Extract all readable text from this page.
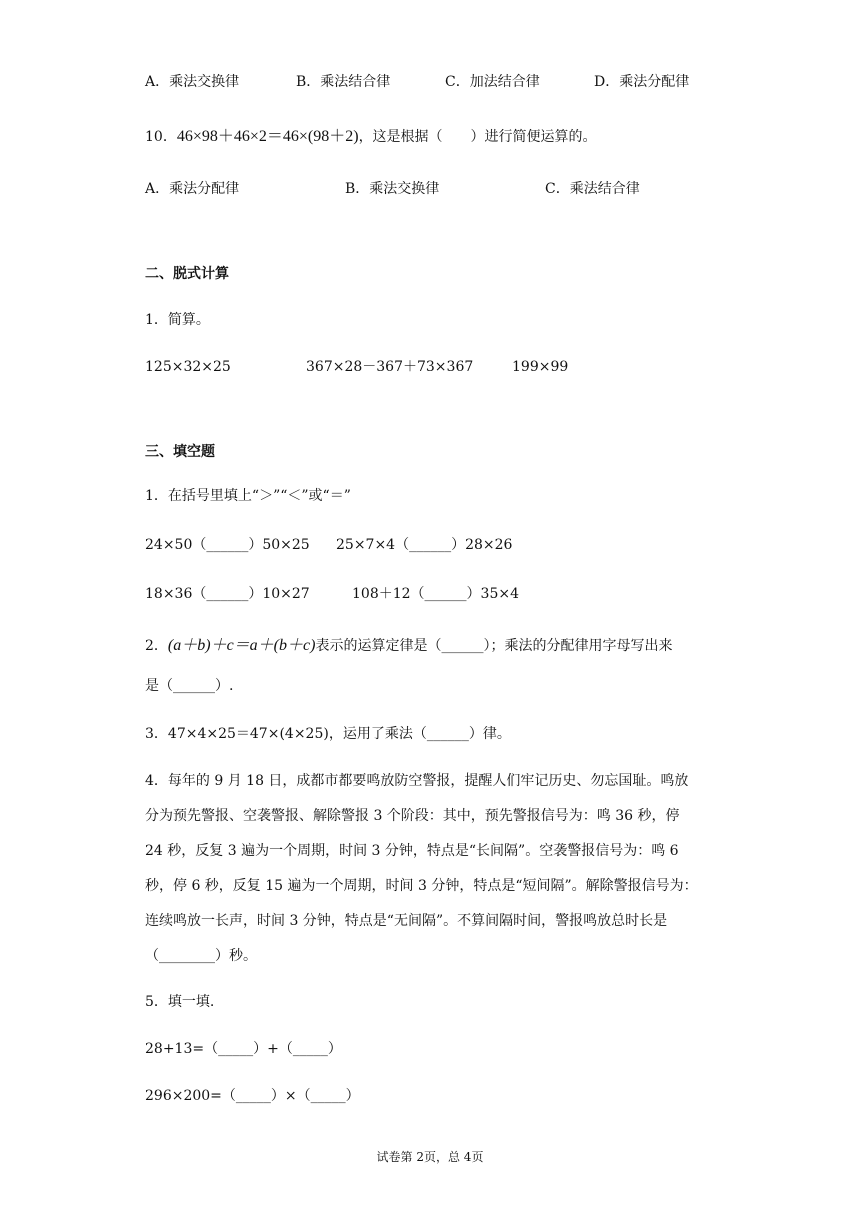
A．乘法交换律	B．乘法结合律	C．加法结合律	D．乘法分配律
10．46×98＋46×2＝46×(98＋2)，这是根据（　　）进行简便运算的。
A．乘法分配律	B．乘法交换律	C．乘法结合律
二、脱式计算
1．简算。
125×32×25	367×28－367＋73×367	199×99
三、填空题
1．在括号里填上“＞”“＜”或“＝”
24×50（______）50×25 25×7×4（______）28×26
18×36（______）10×27	108＋12（______）35×4
2．(a＋b)＋c＝a＋(b＋c)表示的运算定律是（______）；乘法的分配律用字母写出来
是（______）.
3．47×4×25＝47×(4×25)，运用了乘法（______）律。
4．每年的 9 月 18 日，成都市都要鸣放防空警报，提醒人们牢记历史、勿忘国耻。鸣放
分为预先警报、空袭警报、解除警报 3 个阶段：其中，预先警报信号为：鸣 36 秒，停
24 秒，反复 3 遍为一个周期，时间 3 分钟，特点是“长间隔”。空袭警报信号为：鸣 6
秒，停 6 秒，反复 15 遍为一个周期，时间 3 分钟，特点是“短间隔”。解除警报信号为：
连续鸣放一长声，时间 3 分钟，特点是“无间隔”。不算间隔时间，警报鸣放总时长是
（________）秒。
5．填一填.
28+13=（_____）+（_____）
296×200=（_____）×（_____）
试卷第 2页，总 4页
